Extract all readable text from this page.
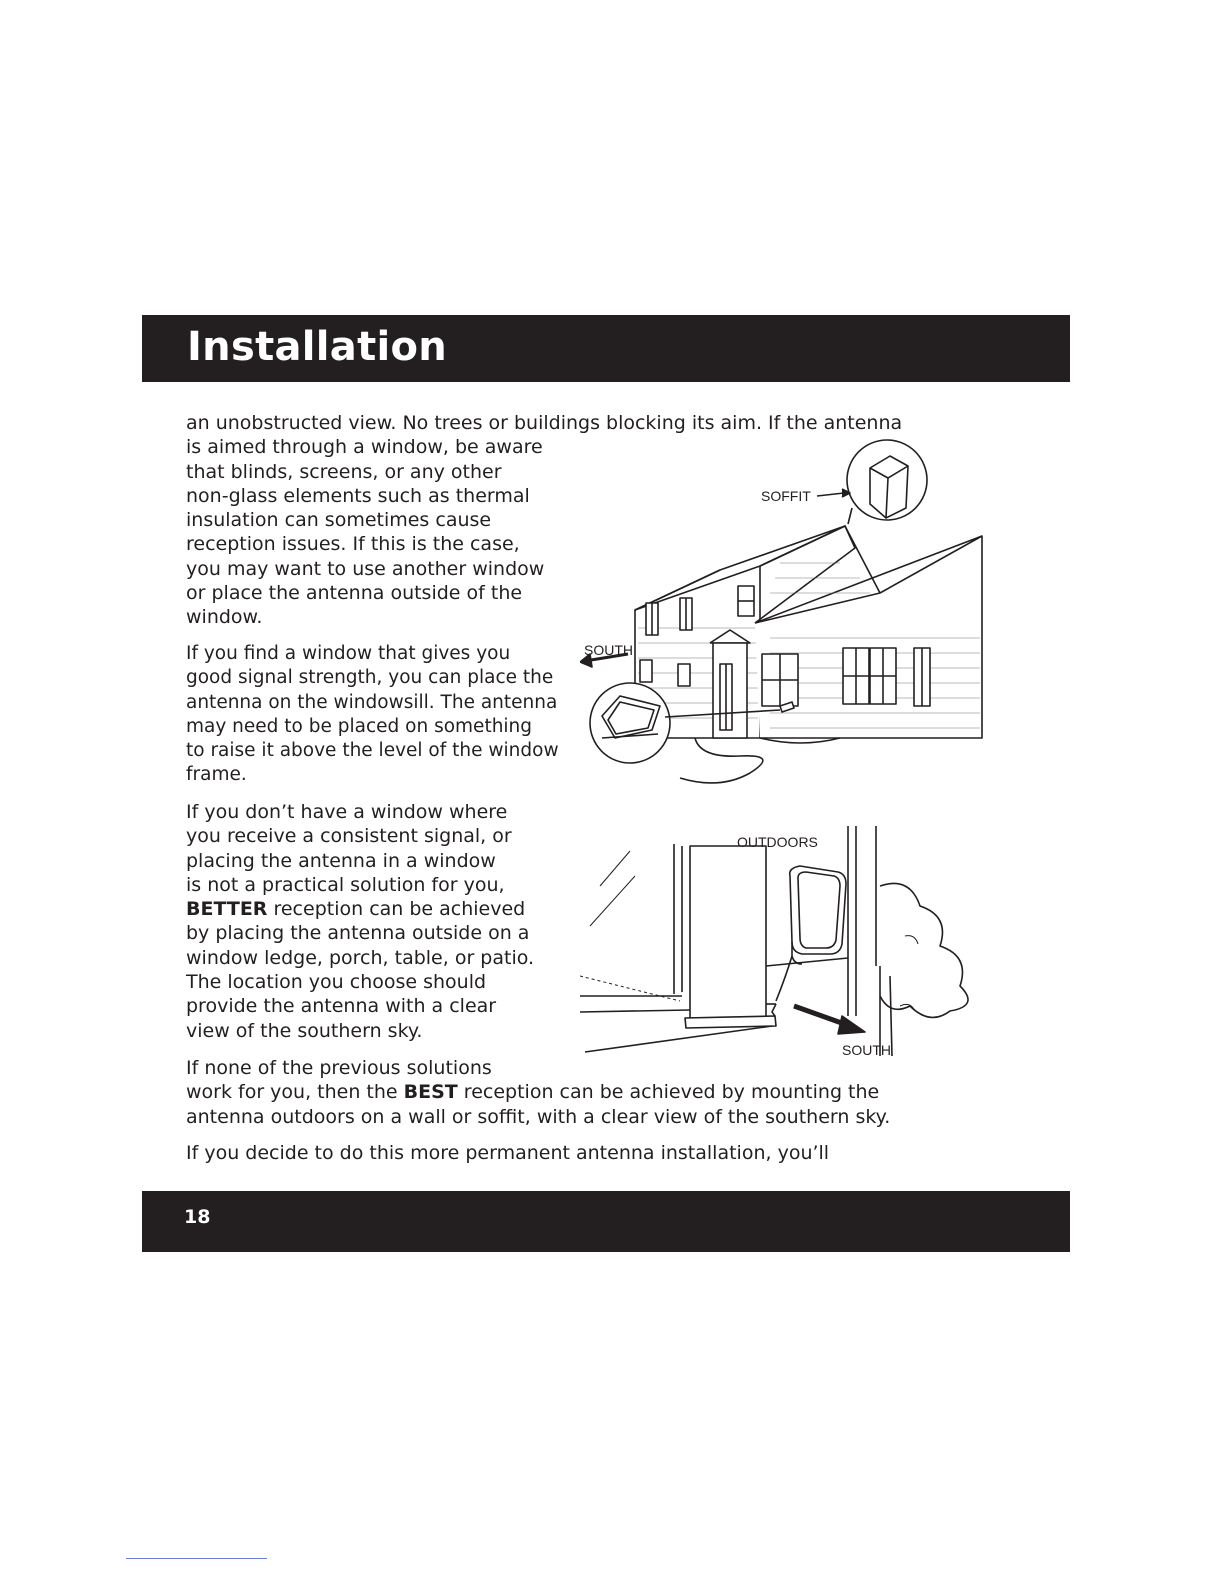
Installation

an unobstructed view. No trees or buildings blocking its aim. If the antenna
is aimed through a window, be aware
that blinds, screens, or any other
non-glass elements such as thermal
insulation can sometimes cause
reception issues. If this is the case,
you may want to use another window
or place the antenna outside of the
window.

If you find a window that gives you
good signal strength, you can place the
antenna on the windowsill. The antenna
may need to be placed on something
to raise it above the level of the window
frame.

If you don’t have a window where
you receive a consistent signal, or
placing the antenna in a window
is not a practical solution for you,
BETTER reception can be achieved
by placing the antenna outside on a
window ledge, porch, table, or patio.
The location you choose should
provide the antenna with a clear
view of the southern sky.

If none of the previous solutions
work for you, then the BEST reception can be achieved by mounting the
antenna outdoors on a wall or soffit, with a clear view of the southern sky.

If you decide to do this more permanent antenna installation, you’ll

SOFFIT
SOUTH
OUTDOORS
SOUTH
18
